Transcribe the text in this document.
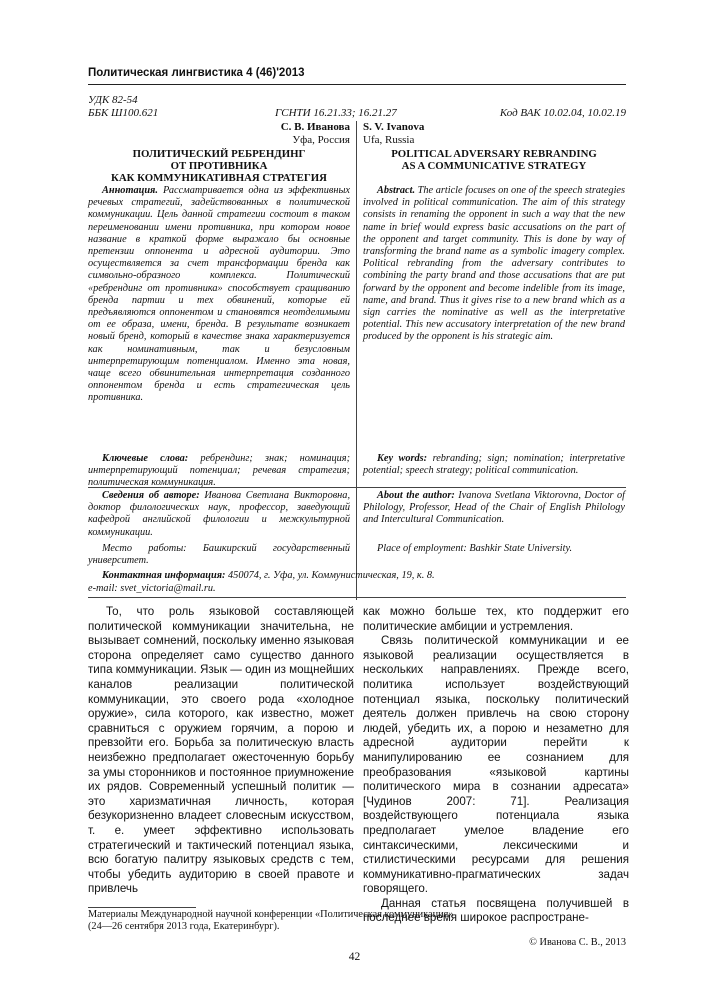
Политическая лингвистика 4 (46)'2013
УДК 82-54
ББК Ш100.621	ГСНТИ 16.21.33; 16.21.27	Код ВАК 10.02.04, 10.02.19
С. В. Иванова
Уфа, Россия
ПОЛИТИЧЕСКИЙ РЕБРЕНДИНГ
ОТ ПРОТИВНИКА
КАК КОММУНИКАТИВНАЯ СТРАТЕГИЯ
Аннотация. Рассматривается одна из эффективных речевых стратегий, задействованных в политической коммуникации. Цель данной стратегии состоит в таком переименовании имени противника, при котором новое название в краткой форме выражало бы основные претензии оппонента и адресной аудитории. Это осуществляется за счет трансформации бренда как символьно-образного комплекса. Политический «ребрендинг от противника» способствует сращиванию бренда партии и тех обвинений, которые ей предъявляются оппонентом и становятся неотделимыми от ее образа, имени, бренда. В результате возникает новый бренд, который в качестве знака характеризуется как номинативным, так и безусловным интерпретирующим потенциалом. Именно эта новая, чаще всего обвинительная интерпретация созданного оппонентом бренда и есть стратегическая цель противника.
Ключевые слова: ребрендинг; знак; номинация; интерпретирующий потенциал; речевая стратегия; политическая коммуникация.
S. V. Ivanova
Ufa, Russia
POLITICAL ADVERSARY REBRANDING
AS A COMMUNICATIVE STRATEGY
Abstract. The article focuses on one of the speech strategies involved in political communication. The aim of this strategy consists in renaming the opponent in such a way that the new name in brief would express basic accusations on the part of the opponent and target community. This is done by way of transforming the brand name as a symbolic imagery complex. Political rebranding from the adversary contributes to combining the party brand and those accusations that are put forward by the opponent and become indelible from its image, name, and brand. Thus it gives rise to a new brand which as a sign carries the nominative as well as the interpretative potential. This new accusatory interpretation of the new brand produced by the opponent is his strategic aim.
Key words: rebranding; sign; nomination; interpretative potential; speech strategy; political communication.
Сведения об авторе: Иванова Светлана Викторовна, доктор филологических наук, профессор, заведующий кафедрой английской филологии и межкультурной коммуникации.
About the author: Ivanova Svetlana Viktorovna, Doctor of Philology, Professor, Head of the Chair of English Philology and Intercultural Communication.
Место работы: Башкирский государственный университет.
Place of employment: Bashkir State University.
Контактная информация: 450074, г. Уфа, ул. Коммунистическая, 19, к. 8.
e-mail: svet_victoria@mail.ru.

То, что роль языковой составляющей политической коммуникации значительна, не вызывает сомнений, поскольку именно языковая сторона определяет само существо данного типа коммуникации. Язык — один из мощнейших каналов реализации политической коммуникации, это своего рода «холодное оружие», сила которого, как известно, может сравниться с оружием горячим, а порою и превзойти его. Борьба за политическую власть неизбежно предполагает ожесточенную борьбу за умы сторонников и постоянное приумножение их рядов. Современный успешный политик — это харизматичная личность, которая безукоризненно владеет словесным искусством, т. е. умеет эффективно использовать стратегический и тактический потенциал языка, всю богатую палитру языковых средств с тем, чтобы убедить аудиторию в своей правоте и привлечь

как можно больше тех, кто поддержит его политические амбиции и устремления.

Связь политической коммуникации и ее языковой реализации осуществляется в нескольких направлениях. Прежде всего, политика использует воздействующий потенциал языка, поскольку политический деятель должен привлечь на свою сторону людей, убедить их, а порою и незаметно для адресной аудитории перейти к манипулированию ее сознанием для преобразования «языковой картины политического мира в сознании адресата» [Чудинов 2007: 71]. Реализация воздействующего потенциала языка предполагает умелое владение его синтаксическими, лексическими и стилистическими ресурсами для решения коммуникативно-прагматических задач говорящего.

Данная статья посвящена получившей в последнее время широкое распростране-

Материалы Международной научной конференции «Политическая коммуникация»
(24—26 сентября 2013 года, Екатеринбург).
© Иванова С. В., 2013
42
